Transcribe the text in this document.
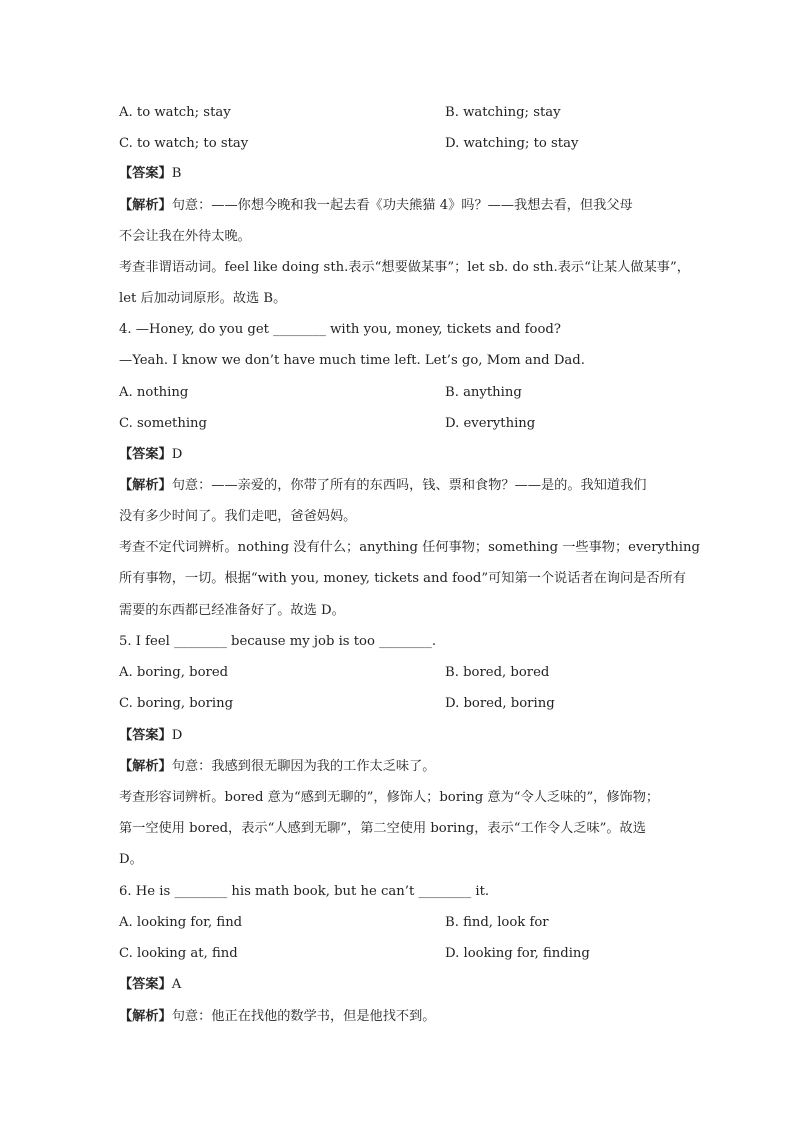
A. to watch; stay	B. watching; stay
C. to watch; to stay	D. watching; to stay
【答案】B
【解析】句意：——你想今晚和我一起去看《功夫熊猫 4》吗？——我想去看，但我父母
不会让我在外待太晚。
考查非谓语动词。feel like doing sth.表示“想要做某事”；let sb. do sth.表示“让某人做某事”，
let 后加动词原形。故选 B。
4. —Honey, do you get ________ with you, money, tickets and food?
—Yeah. I know we don’t have much time left. Let’s go, Mom and Dad.
A. nothing	B. anything
C. something	D. everything
【答案】D
【解析】句意：——亲爱的，你带了所有的东西吗，钱、票和食物？——是的。我知道我们
没有多少时间了。我们走吧，爸爸妈妈。
考查不定代词辨析。nothing 没有什么；anything 任何事物；something 一些事物；everything
所有事物，一切。根据“with you, money, tickets and food”可知第一个说话者在询问是否所有
需要的东西都已经准备好了。故选 D。
5. I feel ________ because my job is too ________.
A. boring, bored	B. bored, bored
C. boring, boring	D. bored, boring
【答案】D
【解析】句意：我感到很无聊因为我的工作太乏味了。
考查形容词辨析。bored 意为“感到无聊的”，修饰人；boring 意为“令人乏味的”，修饰物；
第一空使用 bored，表示“人感到无聊”，第二空使用 boring，表示“工作令人乏味”。故选
D。
6. He is ________ his math book, but he can’t ________ it.
A. looking for, find	B. find, look for
C. looking at, find	D. looking for, finding
【答案】A
【解析】句意：他正在找他的数学书，但是他找不到。
